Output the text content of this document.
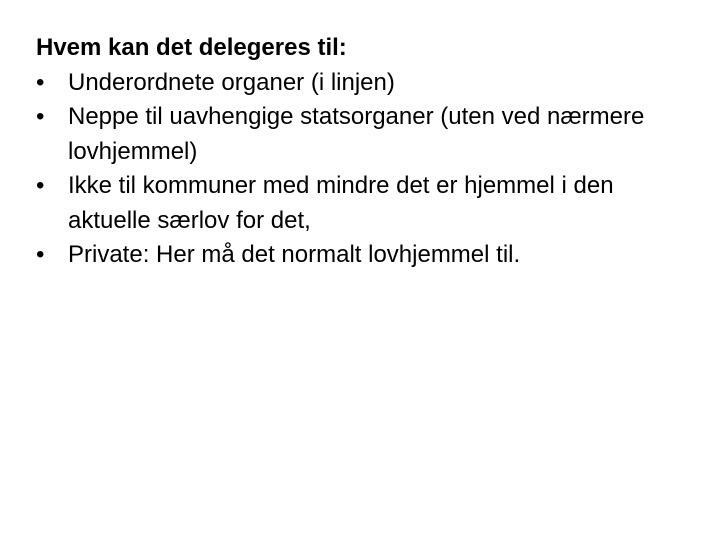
Hvem kan det delegeres til:

• Underordnete organer (i linjen)
• Neppe til uavhengige statsorganer (uten ved nærmere lovhjemmel)
• Ikke til kommuner med mindre det er hjemmel i den aktuelle særlov for det,
• Private: Her må det normalt lovhjemmel til.
